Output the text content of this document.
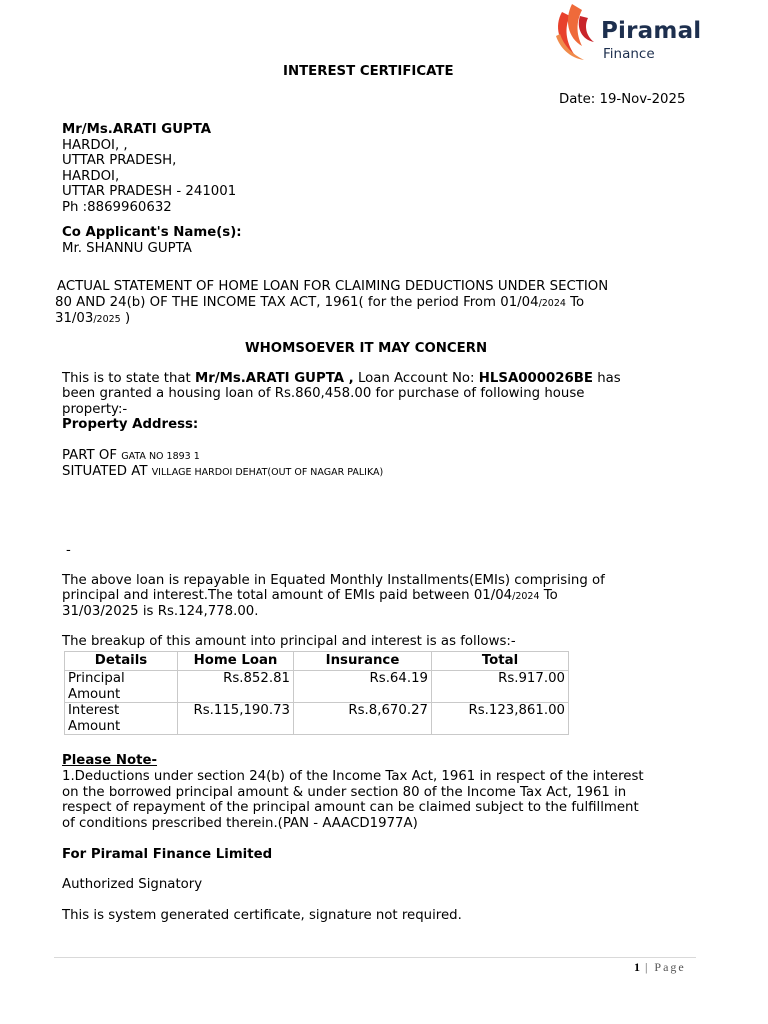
Piramal
Finance
INTEREST CERTIFICATE
Date: 19-Nov-2025
Mr/Ms.ARATI GUPTA
HARDOI, ,
UTTAR PRADESH,
HARDOI,
UTTAR PRADESH - 241001
Ph :8869960632
Co Applicant's Name(s):
Mr. SHANNU GUPTA
ACTUAL STATEMENT OF HOME LOAN FOR CLAIMING DEDUCTIONS UNDER SECTION
80 AND 24(b) OF THE INCOME TAX ACT, 1961( for the period From 01/04/2024 To
31/03/2025 )
WHOMSOEVER IT MAY CONCERN
This is to state that Mr/Ms.ARATI GUPTA , Loan Account No: HLSA000026BE has
been granted a housing loan of Rs.860,458.00 for purchase of following house
property:-
Property Address:
PART OF GATA NO 1893 1
SITUATED AT VILLAGE HARDOI DEHAT(OUT OF NAGAR PALIKA)
-
The above loan is repayable in Equated Monthly Installments(EMIs) comprising of
principal and interest.The total amount of EMIs paid between 01/04/2024 To
31/03/2025 is Rs.124,778.00.
The breakup of this amount into principal and interest is as follows:-
Details	Home Loan	Insurance	Total
Principal Amount	Rs.852.81	Rs.64.19	Rs.917.00
Interest Amount	Rs.115,190.73	Rs.8,670.27	Rs.123,861.00
Please Note-
1.Deductions under section 24(b) of the Income Tax Act, 1961 in respect of the interest
on the borrowed principal amount & under section 80 of the Income Tax Act, 1961 in
respect of repayment of the principal amount can be claimed subject to the fulfillment
of conditions prescribed therein.(PAN - AAACD1977A)
For Piramal Finance Limited
Authorized Signatory
This is system generated certificate, signature not required.
1 | Page
